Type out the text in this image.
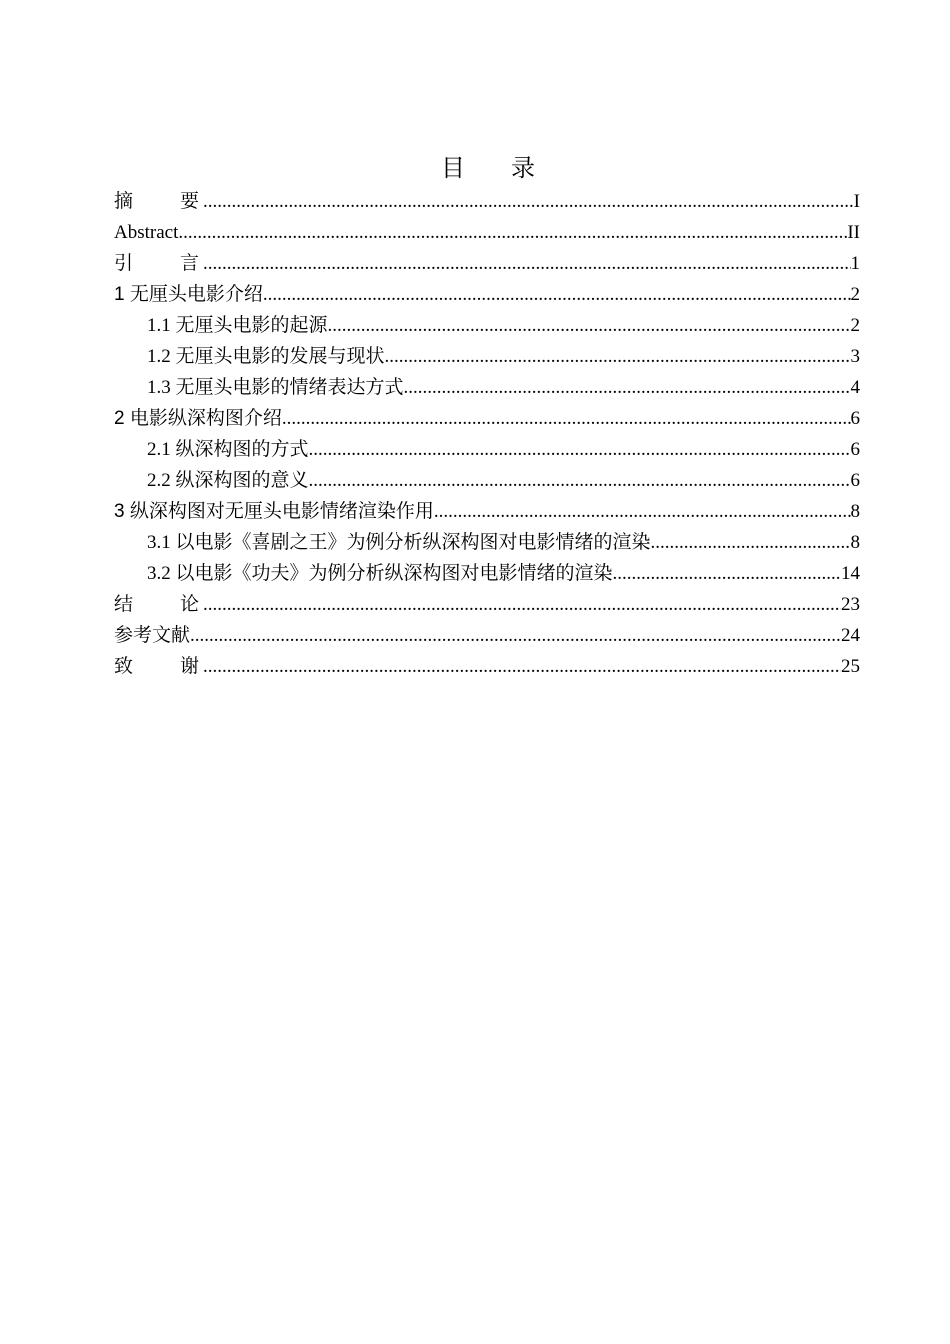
目 录
摘 要 .....	I
Abstract .....	II
引 言 .....	1
1 无厘头电影介绍 .....	2
1.1 无厘头电影的起源 .....	2
1.2 无厘头电影的发展与现状 .....	3
1.3 无厘头电影的情绪表达方式 .....	4
2 电影纵深构图介绍 .....	6
2.1 纵深构图的方式 .....	6
2.2 纵深构图的意义 .....	6
3 纵深构图对无厘头电影情绪渲染作用 .....	8
3.1 以电影《喜剧之王》为例分析纵深构图对电影情绪的渲染 .....	8
3.2 以电影《功夫》为例分析纵深构图对电影情绪的渲染 .....	14
结 论 .....	23
参考文献 .....	24
致 谢 .....	25
